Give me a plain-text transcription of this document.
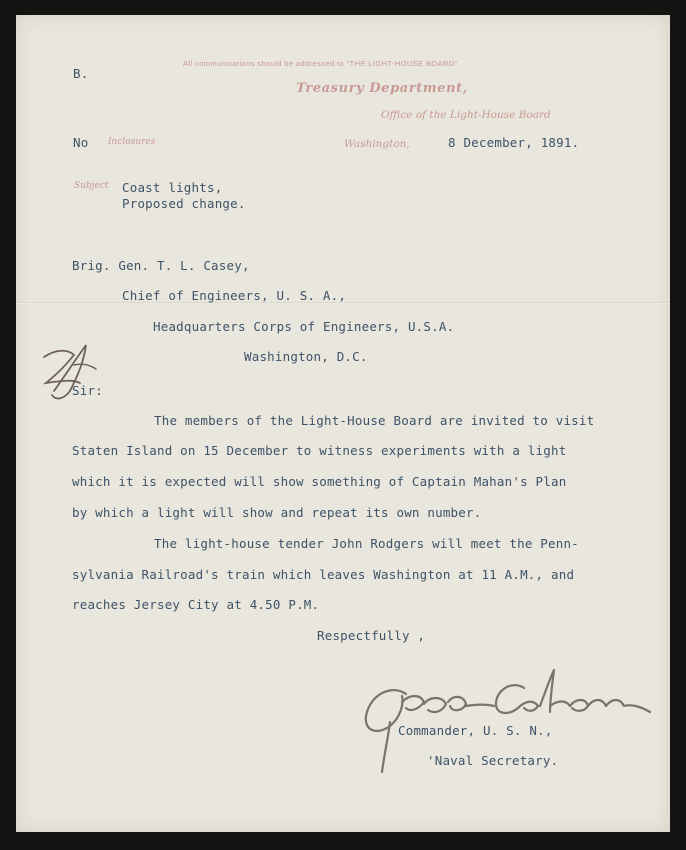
All communications should be addressed to "THE LIGHT-HOUSE BOARD".
Treasury Department,
Office of the Light-House Board
Washington,
Inclosures
Subject
B.
No	8 December, 1891.
Coast lights,
Proposed change.
Brig. Gen. T. L. Casey,
Chief of Engineers, U. S. A.,
Headquarters Corps of Engineers, U.S.A.
Washington, D.C.
Sir:
The members of the Light-House Board are invited to visit
Staten Island on 15 December to witness experiments with a light
which it is expected will show something of Captain Mahan's Plan
by which a light will show and repeat its own number.
The light-house tender John Rodgers will meet the Penn-
sylvania Railroad's train which leaves Washington at 11 A.M., and
reaches Jersey City at 4.50 P.M.
Respectfully ,
Commander, U. S. N.,
'Naval Secretary.
